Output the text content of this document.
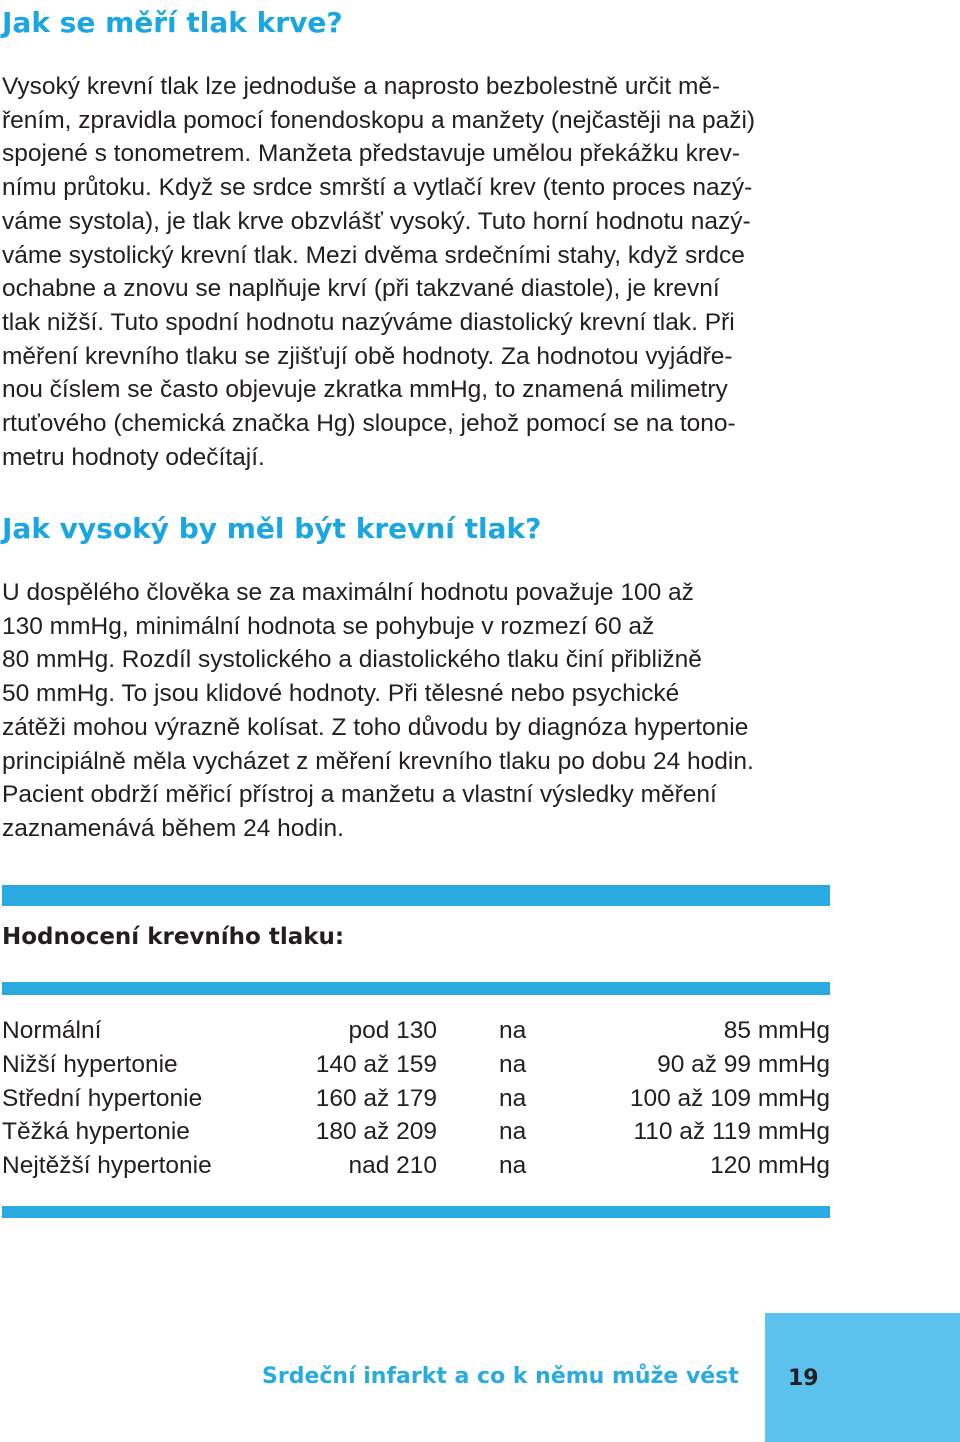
Jak se měří tlak krve?

Vysoký krevní tlak lze jednoduše a naprosto bezbolestně určit mě-
řením, zpravidla pomocí fonendoskopu a manžety (nejčastěji na paži)
spojené s tonometrem. Manžeta představuje umělou překážku krev-
nímu průtoku. Když se srdce smrští a vytlačí krev (tento proces nazý-
váme systola), je tlak krve obzvlášť vysoký. Tuto horní hodnotu nazý-
váme systolický krevní tlak. Mezi dvěma srdečními stahy, když srdce
ochabne a znovu se naplňuje krví (při takzvané diastole), je krevní
tlak nižší. Tuto spodní hodnotu nazýváme diastolický krevní tlak. Při
měření krevního tlaku se zjišťují obě hodnoty. Za hodnotou vyjádře-
nou číslem se často objevuje zkratka mmHg, to znamená milimetry
rtuťového (chemická značka Hg) sloupce, jehož pomocí se na tono-
metru hodnoty odečítají.

Jak vysoký by měl být krevní tlak?

U dospělého člověka se za maximální hodnotu považuje 100 až
130 mmHg, minimální hodnota se pohybuje v rozmezí 60 až
80 mmHg. Rozdíl systolického a diastolického tlaku činí přibližně
50 mmHg. To jsou klidové hodnoty. Při tělesné nebo psychické
zátěži mohou výrazně kolísat. Z toho důvodu by diagnóza hypertonie
principiálně měla vycházet z měření krevního tlaku po dobu 24 hodin.
Pacient obdrží měřicí přístroj a manžetu a vlastní výsledky měření
zaznamenává během 24 hodin.

Hodnocení krevního tlaku:
Normální	pod 130	na	85 mmHg
Nižší hypertonie	140 až 159	na	90 až 99 mmHg
Střední hypertonie	160 až 179	na	100 až 109 mmHg
Těžká hypertonie	180 až 209	na	110 až 119 mmHg
Nejtěžší hypertonie	nad 210	na	120 mmHg

Srdeční infarkt a co k němu může vést 19
